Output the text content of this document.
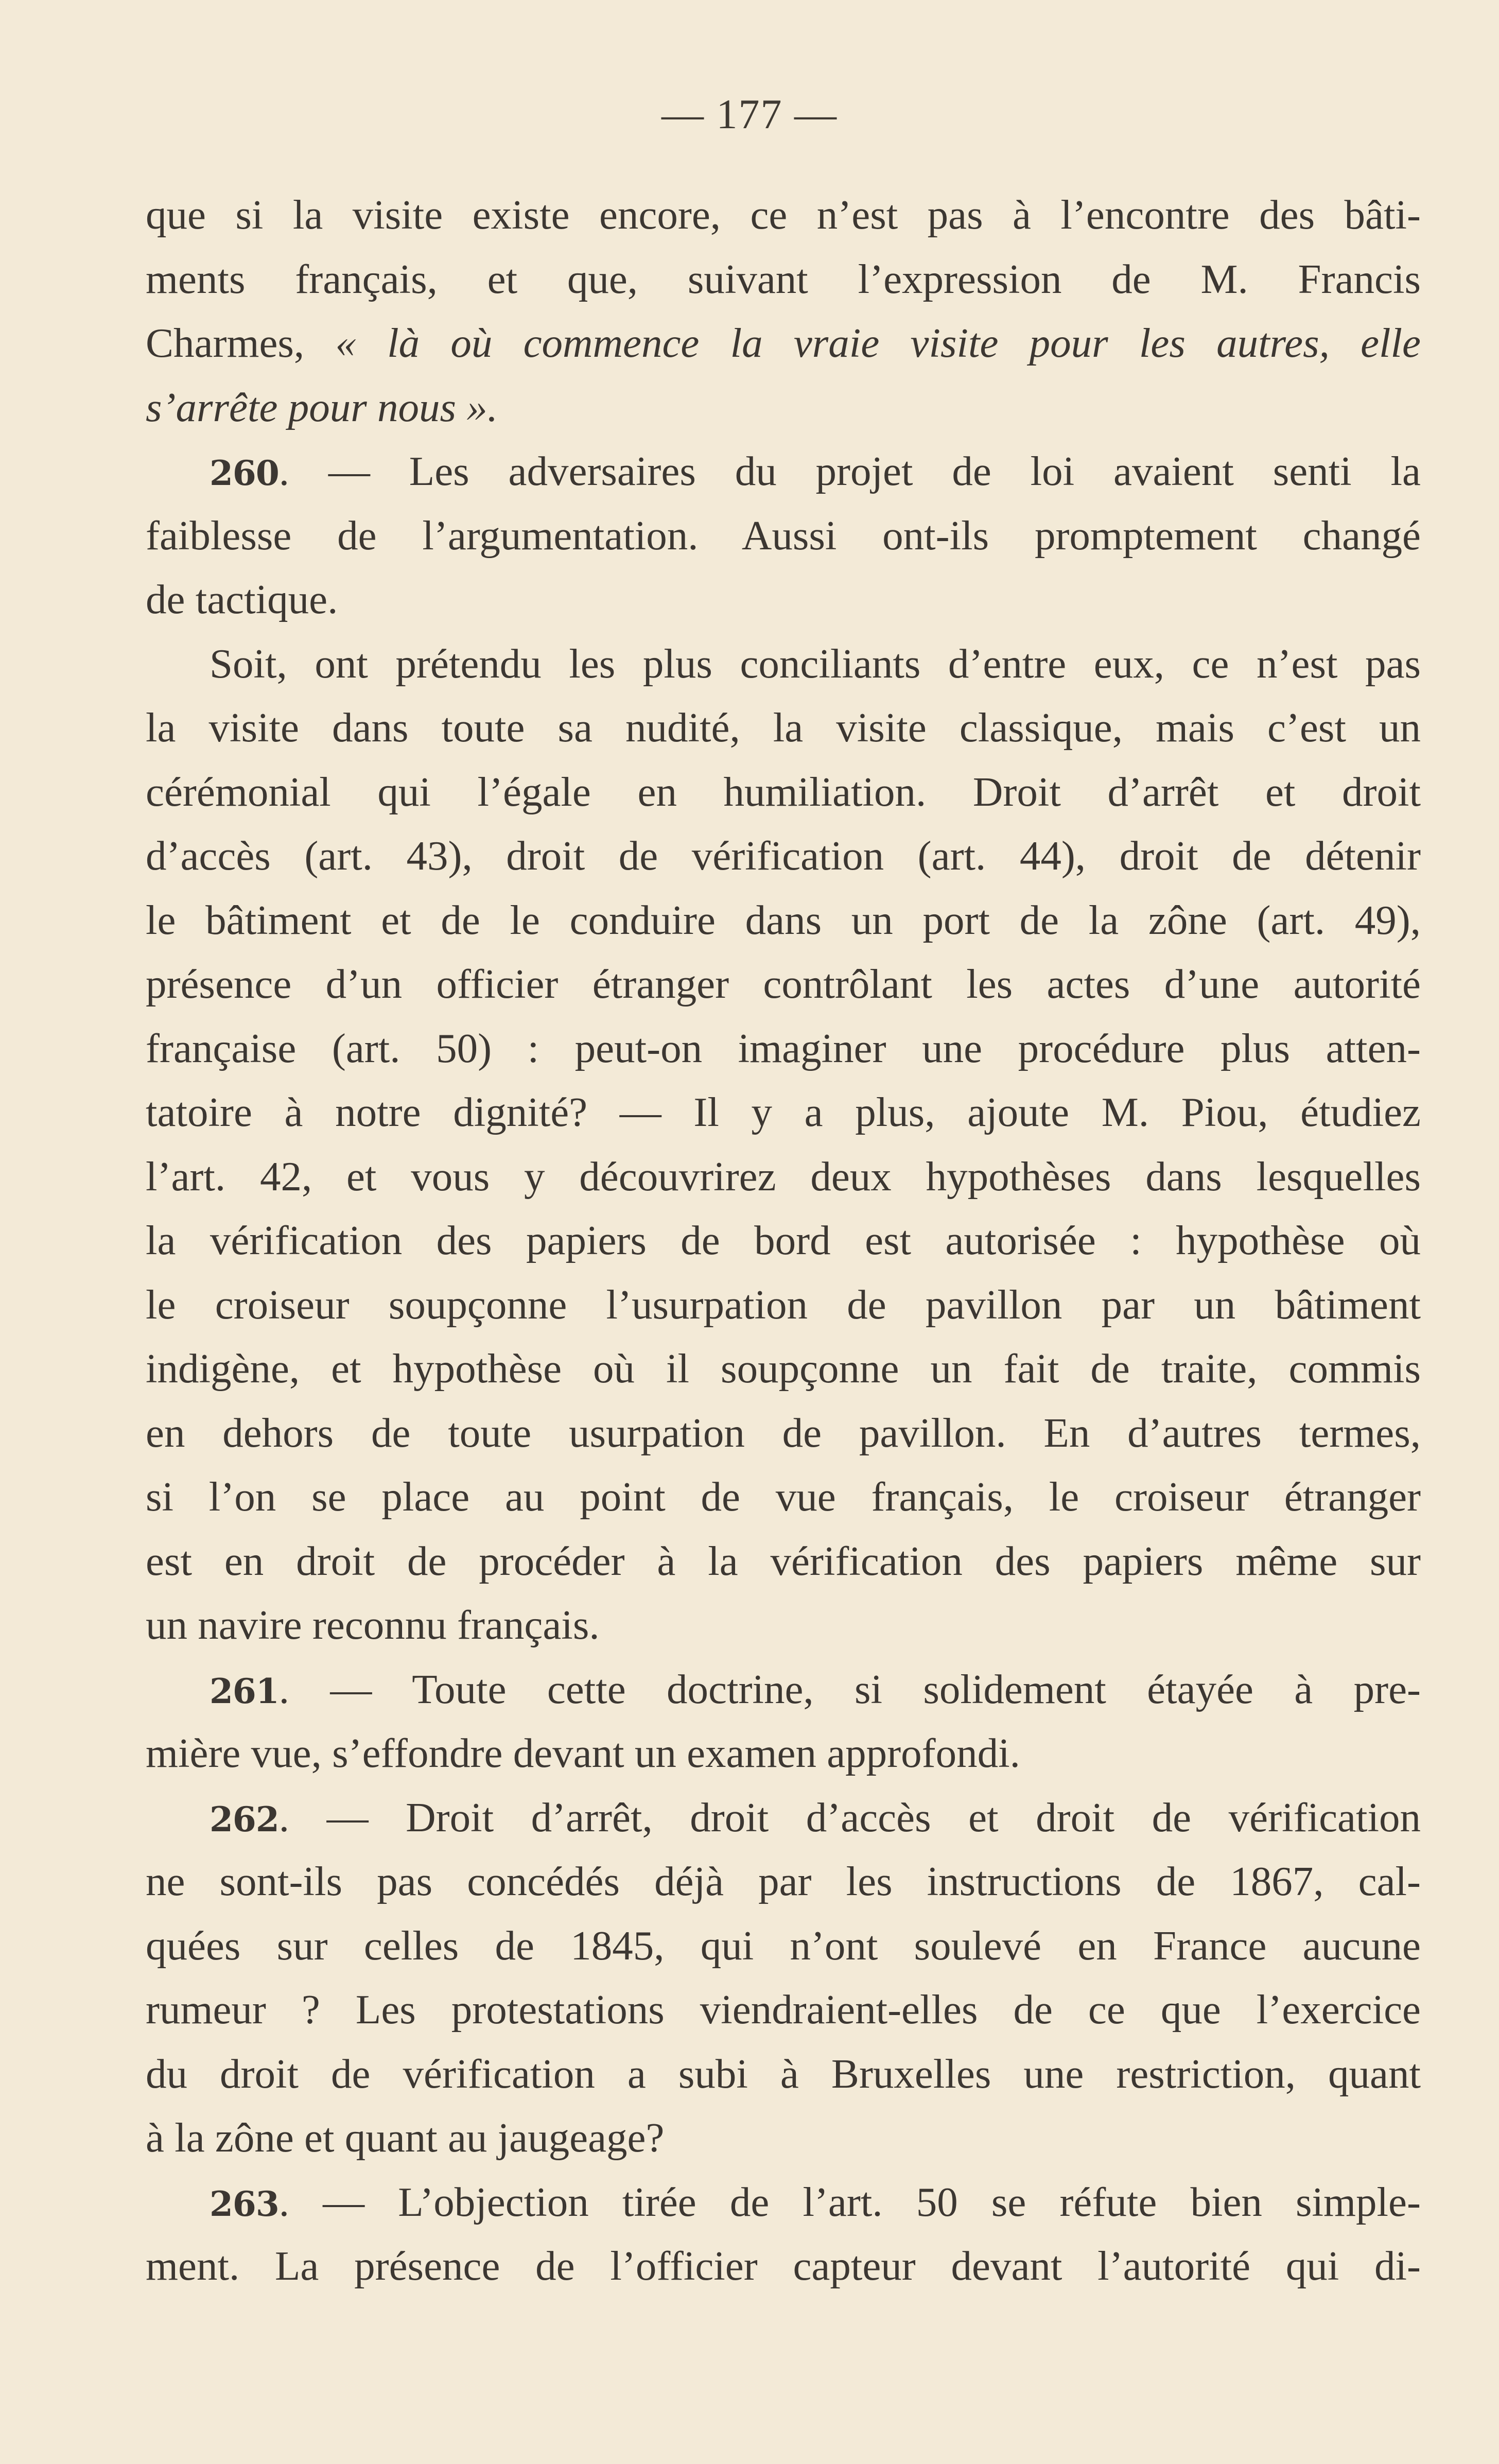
— 177 —
que si la visite existe encore, ce n’est pas à l’encontre des bâti-
ments français, et que, suivant l’expression de M. Francis
Charmes, « là où commence la vraie visite pour les autres, elle
s’arrête pour nous ».
260. — Les adversaires du projet de loi avaient senti la
faiblesse de l’argumentation. Aussi ont-ils promptement changé
de tactique.
Soit, ont prétendu les plus conciliants d’entre eux, ce n’est pas
la visite dans toute sa nudité, la visite classique, mais c’est un
cérémonial qui l’égale en humiliation. Droit d’arrêt et droit
d’accès (art. 43), droit de vérification (art. 44), droit de détenir
le bâtiment et de le conduire dans un port de la zône (art. 49),
présence d’un officier étranger contrôlant les actes d’une autorité
française (art. 50) : peut-on imaginer une procédure plus atten-
tatoire à notre dignité? — Il y a plus, ajoute M. Piou, étudiez
l’art. 42, et vous y découvrirez deux hypothèses dans lesquelles
la vérification des papiers de bord est autorisée : hypothèse où
le croiseur soupçonne l’usurpation de pavillon par un bâtiment
indigène, et hypothèse où il soupçonne un fait de traite, commis
en dehors de toute usurpation de pavillon. En d’autres termes,
si l’on se place au point de vue français, le croiseur étranger
est en droit de procéder à la vérification des papiers même sur
un navire reconnu français.
261. — Toute cette doctrine, si solidement étayée à pre-
mière vue, s’effondre devant un examen approfondi.
262. — Droit d’arrêt, droit d’accès et droit de vérification
ne sont-ils pas concédés déjà par les instructions de 1867, cal-
quées sur celles de 1845, qui n’ont soulevé en France aucune
rumeur ? Les protestations viendraient-elles de ce que l’exercice
du droit de vérification a subi à Bruxelles une restriction, quant
à la zône et quant au jaugeage?
263. — L’objection tirée de l’art. 50 se réfute bien simple-
ment. La présence de l’officier capteur devant l’autorité qui di-
